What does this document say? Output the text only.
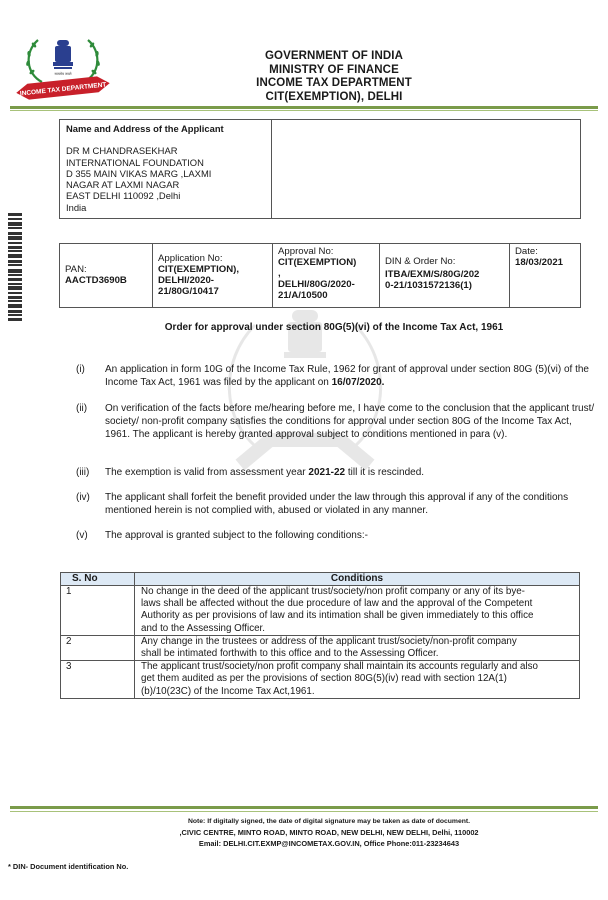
सत्यमेव जयते
INCOME TAX DEPARTMENT
GOVERNMENT OF INDIA
MINISTRY OF FINANCE
INCOME TAX DEPARTMENT
CIT(EXEMPTION), DELHI
Name and Address of the Applicant
DR M CHANDRASEKHAR
INTERNATIONAL FOUNDATION
D 355 MAIN VIKAS MARG ,LAXMI
NAGAR AT LAXMI NAGAR
EAST DELHI 110092 ,Delhi
India
PAN:
AACTD3690B
Application No:
CIT(EXEMPTION),
DELHI/2020-
21/80G/10417
Approval No:
CIT(EXEMPTION)
,
DELHI/80G/2020-
21/A/10500
DIN & Order No:
ITBA/EXM/S/80G/202
0-21/1031572136(1)
Date:
18/03/2021
Order for approval under section 80G(5)(vi) of the Income Tax Act, 1961
(i)	An application in form 10G of the Income Tax Rule, 1962 for grant of approval under section 80G (5)(vi) of the Income Tax Act, 1961 was filed by the applicant on 16/07/2020.
(ii)	On verification of the facts before me/hearing before me, I have come to the conclusion that the applicant trust/ society/ non-profit company satisfies the conditions for approval under section 80G of the Income Tax Act, 1961. The applicant is hereby granted approval subject to conditions mentioned in para (v).
(iii)	The exemption is valid from assessment year 2021-22 till it is rescinded.
(iv)	The applicant shall forfeit the benefit provided under the law through this approval if any of the conditions mentioned herein is not complied with, abused or violated in any manner.
(v)	The approval is granted subject to the following conditions:-
S. No	Conditions
1	No change in the deed of the applicant trust/society/non profit company or any of its bye-laws shall be affected without the due procedure of law and the approval of the Competent Authority as per provisions of law and its intimation shall be given immediately to this office and to the Assessing Officer.
2	Any change in the trustees or address of the applicant trust/society/non-profit company shall be intimated forthwith to this office and to the Assessing Officer.
3	The applicant trust/society/non profit company shall maintain its accounts regularly and also get them audited as per the provisions of section 80G(5)(iv) read with section 12A(1)(b)/10(23C) of the Income Tax Act,1961.
Note: If digitally signed, the date of digital signature may be taken as date of document.
,CIVIC CENTRE, MINTO ROAD, MINTO ROAD, NEW DELHI, NEW DELHI, Delhi, 110002
Email: DELHI.CIT.EXMP@INCOMETAX.GOV.IN, Office Phone:011-23234643
* DIN- Document identification No.
